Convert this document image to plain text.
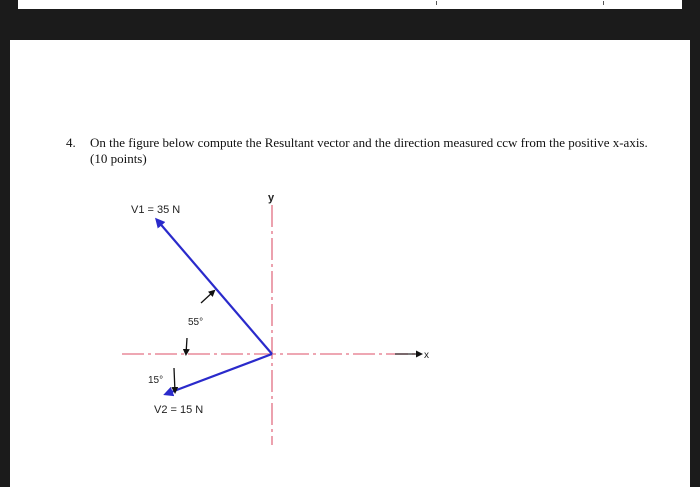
4. On the figure below compute the Resultant vector and the direction measured ccw from the positive x-axis. (10 points)
V1 = 35 N
V2 = 15 N
55°
15°
y
x
